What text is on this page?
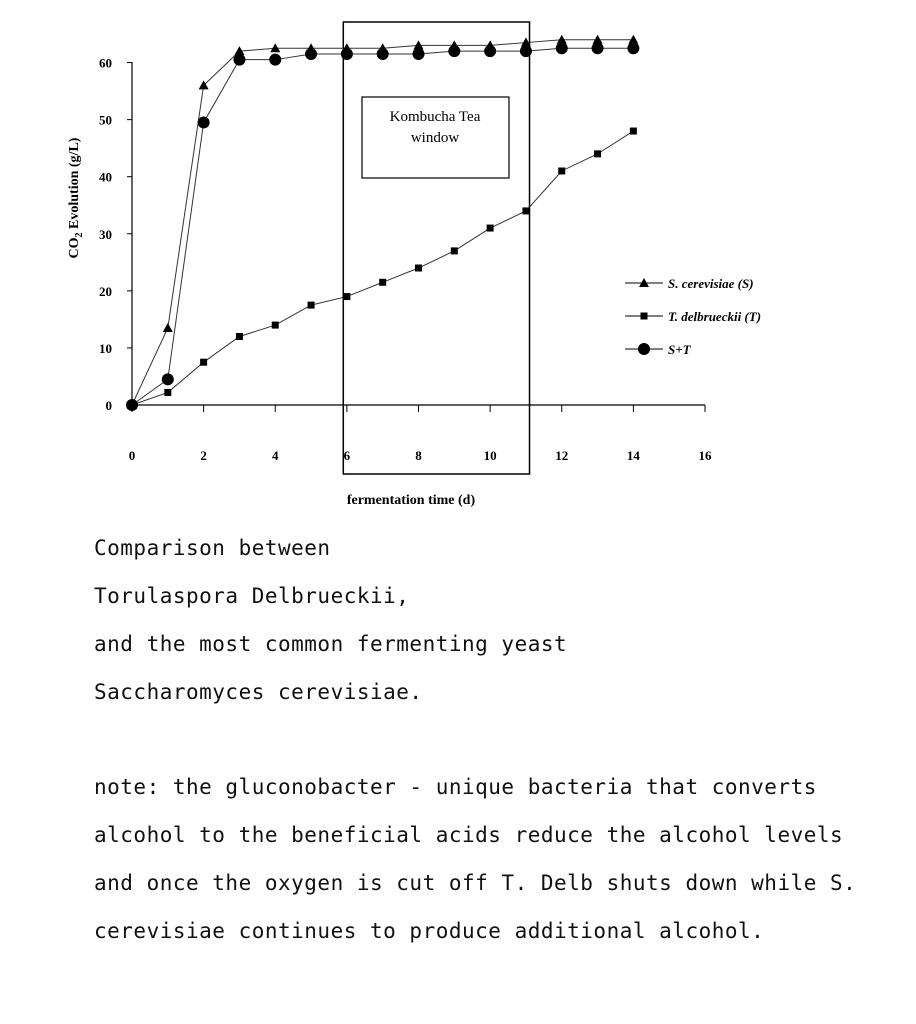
0	2	4	6	8	10	12	14	16
0
10
20
30
40
50
60
Kombucha Tea
window
S. cerevisiae (S)
T. delbrueckii (T)
S+T
fermentation time (d)
$CO_2$ Evolution (g/L)

Comparison between

Torulaspora Delbrueckii,

and the most common fermenting yeast

Saccharomyces cerevisiae.

note: the gluconobacter - unique bacteria that converts

alcohol to the beneficial acids reduce the alcohol levels

and once the oxygen is cut off T. Delb shuts down while S.

cerevisiae continues to produce additional alcohol.
